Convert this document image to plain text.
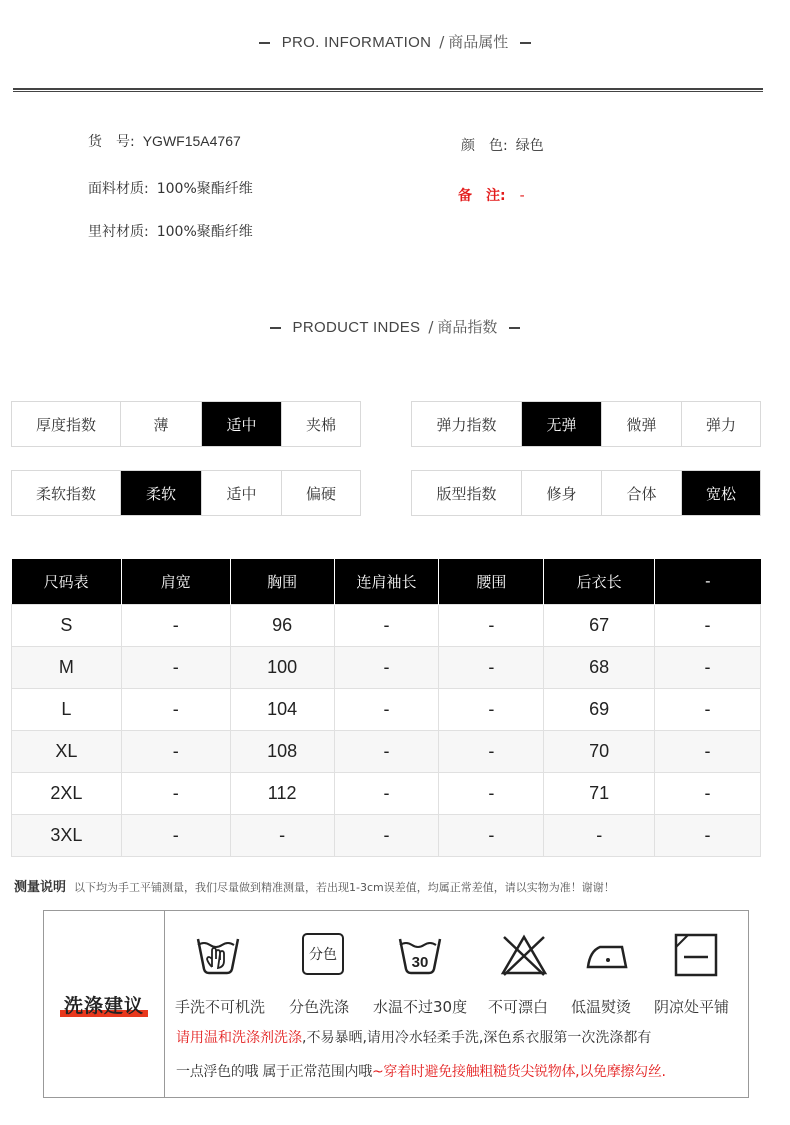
PRO. INFORMATION / 商品属性
货　号: YGWF15A4767	颜　色: 绿色
面料材质: 100%聚酯纤维	备　注: -
里衬材质: 100%聚酯纤维
PRODUCT INDES / 商品指数
厚度指数	薄	适中	夹棉	弹力指数	无弹	微弹	弹力
柔软指数	柔软	适中	偏硬	版型指数	修身	合体	宽松
尺码表	肩宽	胸围	连肩袖长	腰围	后衣长	-
S	-	96	-	-	67	-
M	-	100	-	-	68	-
L	-	104	-	-	69	-
XL	-	108	-	-	70	-
2XL	-	112	-	-	71	-
3XL	-	-	-	-	-	-
测量说明 以下均为手工平铺测量，我们尽量做到精准测量，若出现1-3cm误差值，均属正常差值，请以实物为准！谢谢！
洗涤建议
分色	30
手洗不可机洗 分色洗涤 水温不过30度 不可漂白 低温熨烫 阴凉处平铺
请用温和洗涤剂洗涤,不易暴晒,请用冷水轻柔手洗,深色系衣服第一次洗涤都有
一点浮色的哦 属于正常范围内哦~穿着时避免接触粗糙货尖锐物体,以免摩擦勾丝.
